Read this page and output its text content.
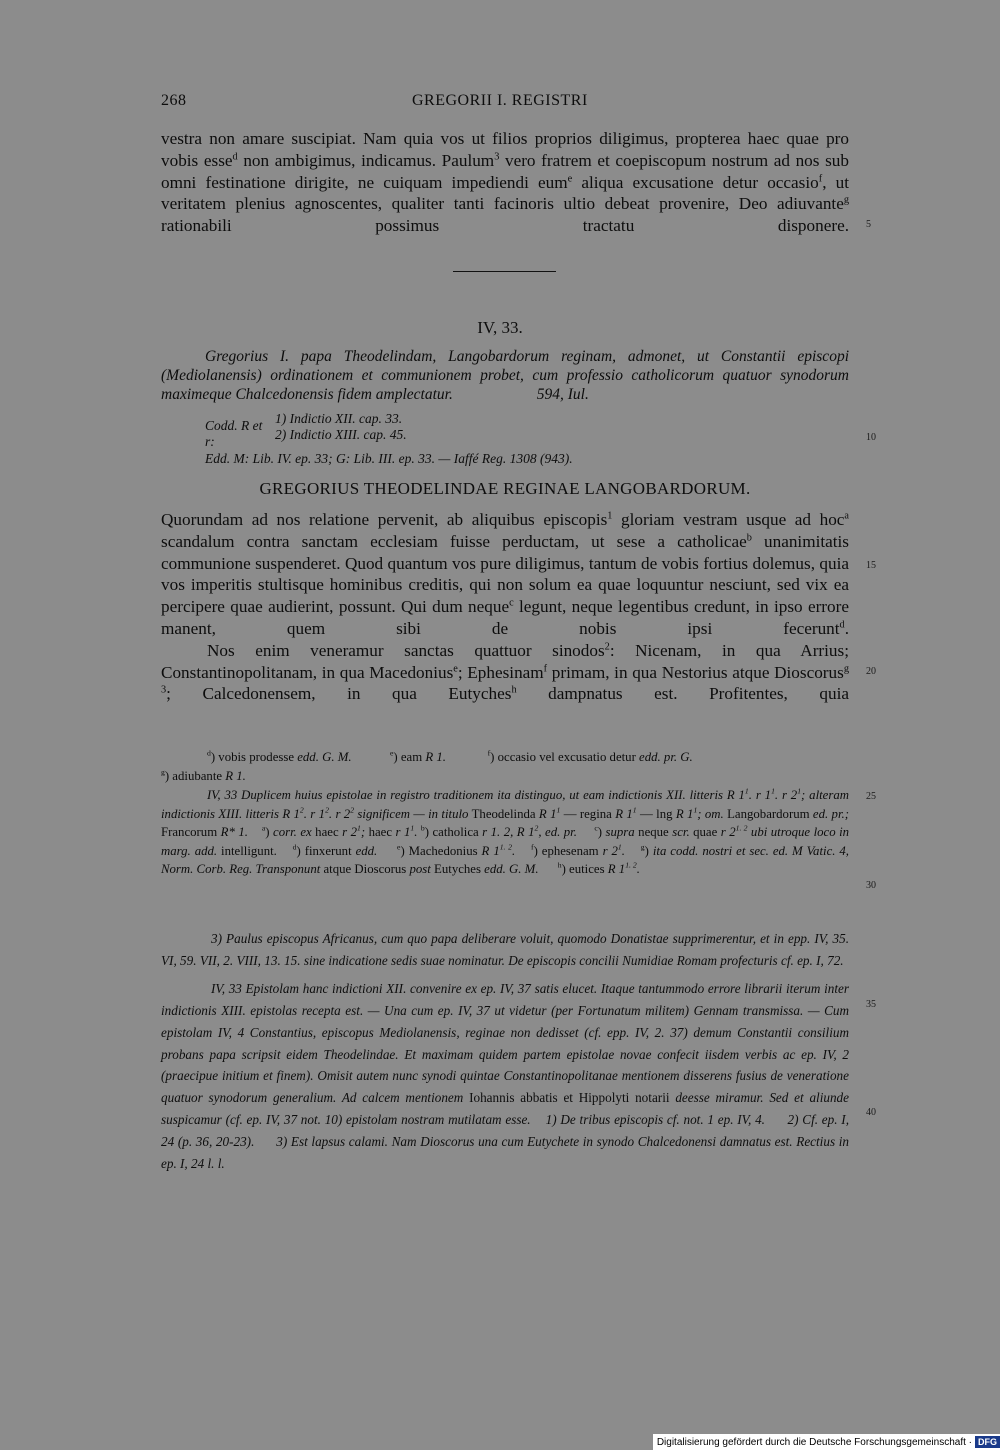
268	GREGORII I. REGISTRI

vestra non amare suscipiat. Nam quia vos ut filios proprios diligimus, propterea haec quae pro vobis esse$^d$ non ambigimus, indicamus. Paulum$^3$ vero fratrem et coepiscopum nostrum ad nos sub omni festinatione dirigite, ne cuiquam impediendi eum$^e$ aliqua excusatione detur occasio$^f$, ut veritatem plenius agnoscentes, qualiter tanti facinoris ultio debeat provenire, Deo adiuvante$^g$ rationabili possimus tractatu disponere. 5
IV, 33.
Gregorius I. papa Theodelindam, Langobardorum reginam, admonet, ut Constantii episcopi (Mediolanensis) ordinationem et communionem probet, cum professio catholicorum quatuor synodorum maximeque Chalcedonensis fidem amplectatur.	594, Iul.
Codd. R et r:
1) Indictio XII. cap. 33.
2) Indictio XIII. cap. 45.
Edd. M: Lib. IV. ep. 33; G: Lib. III. ep. 33. — Iaffé Reg. 1308 (943).
10
GREGORIUS THEODELINDAE REGINAE LANGOBARDORUM.

Quorundam ad nos relatione pervenit, ab aliquibus episcopis$^1$ gloriam vestram usque ad hoc$^a$ scandalum contra sanctam ecclesiam fuisse perductam, ut sese a catholicae$^b$ unanimitatis communione suspenderet. Quod quantum vos pure diligimus, tantum de vobis fortius dolemus, quia vos imperitis stultisque hominibus creditis, qui non solum ea quae loquuntur nesciunt, sed vix ea percipere quae audierint, possunt. Qui dum neque$^c$ legunt, neque legentibus credunt, in ipso errore manent, quem sibi de nobis ipsi fecerunt$^d$.

Nos enim veneramur sanctas quattuor sinodos$^2$: Nicenam, in qua Arrius; Constantinopolitanam, in qua Macedonius$^e$; Ephesinam$^f$ primam, in qua Nestorius atque Dioscorus$^{g 3}$; Calcedonensem, in qua Eutyches$^h$ dampnatus est. Profitentes, quia

15
20

$^d$) vobis prodesse edd. G. M.	$^e$) eam R 1.	$^f$) occasio vel excusatio detur edd. pr. G.
$^g$) adiubante R 1.

IV, 33 Duplicem huius epistolae in registro traditionem ita distinguo, ut eam indictionis XII. litteris R $1^1$. r $1^1$. r $2^1$; alteram indictionis XIII. litteris R $1^2$. r $1^2$. r $2^2$ significem — in titulo Theodelinda R $1^1$ — regina R $1^1$ — lng R $1^1$; om. Langobardorum ed. pr.; Francorum R* 1. $^a$) corr. ex haec r $2^1$; haec r $1^1$. $^b$) catholica r 1. 2, R $1^2$, ed. pr. $^c$) supra neque scr. quae r $2^{1. 2}$ ubi utroque loco in marg. add. intelligunt.    $^d$) finxerunt edd.	$^e$) Machedonius R $1^{1. 2}$. $^f$) ephesenam r $2^1$. $^g$) ita codd. nostri et sec. ed. M Vatic. 4, Norm. Corb. Reg. Transponunt atque Dioscorus post Eutyches edd. G. M.	$^h$) eutices R $1^{1. 2}$.

25
30

3) Paulus episcopus Africanus, cum quo papa deliberare voluit, quomodo Donatistae supprimerentur, et in epp. IV, 35. VI, 59. VII, 2. VIII, 13. 15. sine indicatione sedis suae nominatur. De episcopis concilii Numidiae Romam profecturis cf. ep. I, 72.

IV, 33 Epistolam hanc indictioni XII. convenire ex ep. IV, 37 satis elucet. Itaque tantummodo errore librarii iterum inter indictionis XIII. epistolas recepta est. — Una cum ep. IV, 37 ut videtur (per Fortunatum militem) Gennam transmissa. — Cum epistolam IV, 4 Constantius, episcopus Mediolanensis, reginae non dedisset (cf. epp. IV, 2. 37) demum Constantii consilium probans papa scripsit eidem Theodelindae. Et maximam quidem partem epistolae novae confecit iisdem verbis ac ep. IV, 2 (praecipue initium et finem). Omisit autem nunc synodi quintae Constantinopolitanae mentionem disserens fusius de veneratione quatuor synodorum generalium. Ad calcem mentionem Iohannis abbatis et Hippolyti notarii deesse miramur. Sed et aliunde suspicamur (cf. ep. IV, 37 not. 10) epistolam nostram mutilatam esse.    1) De tribus episcopis cf. not. 1 ep. IV, 4.      2) Cf. ep. I, 24 (p. 36, 20-23).      3) Est lapsus calami. Nam Dioscorus una cum Eutychete in synodo Chalcedonensi damnatus est. Rectius in ep. I, 24 l. l.

35
40
Digitalisierung gefördert durch die Deutsche Forschungsgemeinschaft · DFG
